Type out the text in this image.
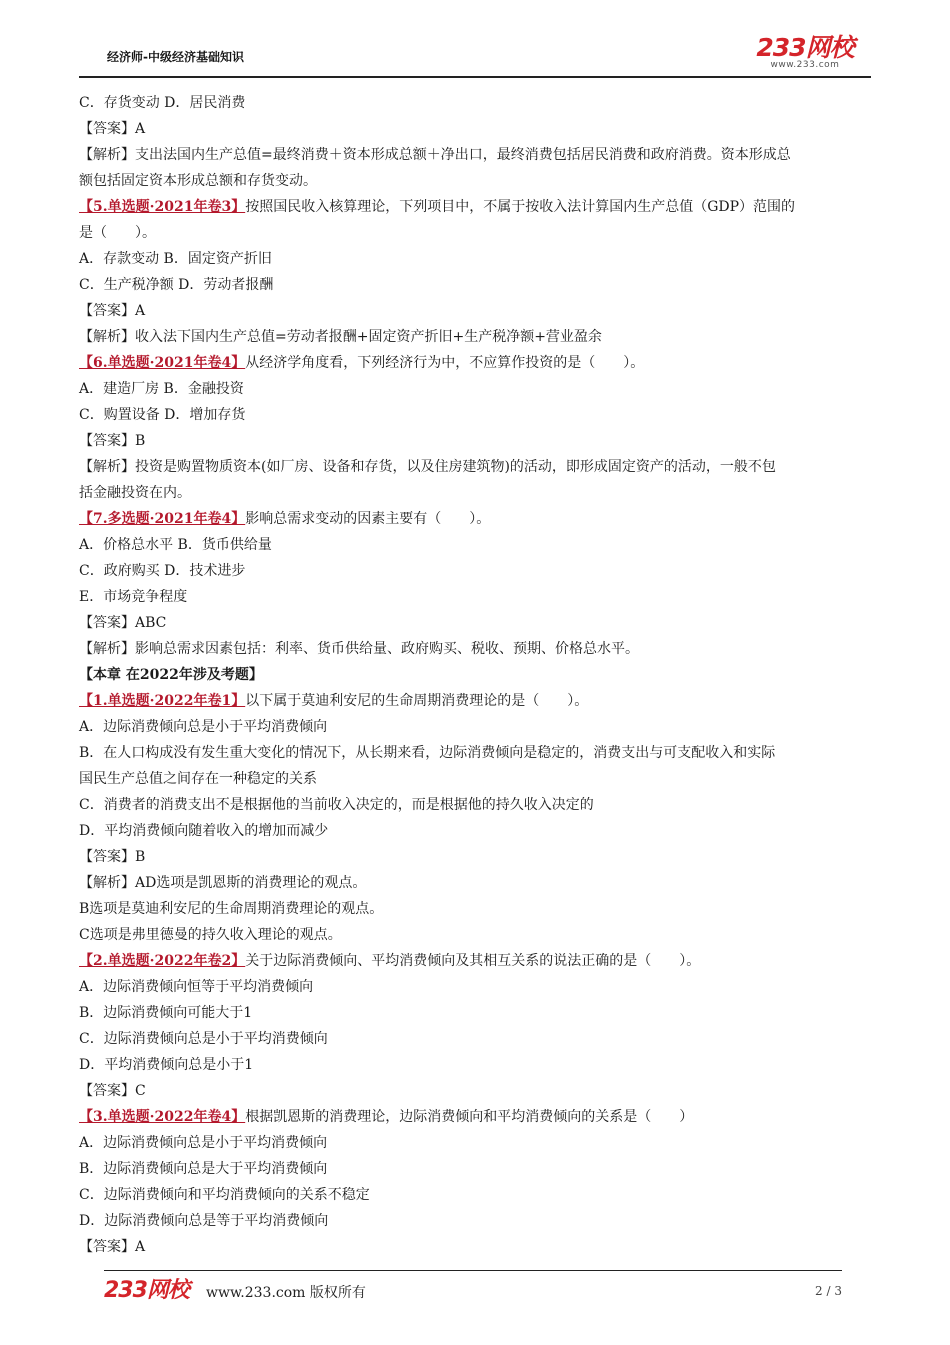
经济师-中级经济基础知识	233网校
www.233.com
C．存货变动 D．居民消费
【答案】A
【解析】支出法国内生产总值=最终消费＋资本形成总额＋净出口，最终消费包括居民消费和政府消费。资本形成总
额包括固定资本形成总额和存货变动。
【5.单选题·2021年卷3】按照国民收入核算理论，下列项目中，不属于按收入法计算国内生产总值（GDP）范围的
是（　　）。
A．存款变动 B．固定资产折旧
C．生产税净额 D．劳动者报酬
【答案】A
【解析】收入法下国内生产总值=劳动者报酬+固定资产折旧+生产税净额+营业盈余
【6.单选题·2021年卷4】从经济学角度看，下列经济行为中，不应算作投资的是（　　）。
A．建造厂房 B．金融投资
C．购置设备 D．增加存货
【答案】B
【解析】投资是购置物质资本(如厂房、设备和存货，以及住房建筑物)的活动，即形成固定资产的活动，一般不包
括金融投资在内。
【7.多选题·2021年卷4】影响总需求变动的因素主要有（　　）。
A．价格总水平 B．货币供给量
C．政府购买 D．技术进步
E．市场竞争程度
【答案】ABC
【解析】影响总需求因素包括：利率、货币供给量、政府购买、税收、预期、价格总水平。
【本章 在2022年涉及考题】
【1.单选题·2022年卷1】以下属于莫迪利安尼的生命周期消费理论的是（　　）。
A．边际消费倾向总是小于平均消费倾向
B．在人口构成没有发生重大变化的情况下，从长期来看，边际消费倾向是稳定的，消费支出与可支配收入和实际
国民生产总值之间存在一种稳定的关系
C．消费者的消费支出不是根据他的当前收入决定的，而是根据他的持久收入决定的
D．平均消费倾向随着收入的增加而减少
【答案】B
【解析】AD选项是凯恩斯的消费理论的观点。
B选项是莫迪利安尼的生命周期消费理论的观点。
C选项是弗里德曼的持久收入理论的观点。
【2.单选题·2022年卷2】关于边际消费倾向、平均消费倾向及其相互关系的说法正确的是（　　）。
A．边际消费倾向恒等于平均消费倾向
B．边际消费倾向可能大于1
C．边际消费倾向总是小于平均消费倾向
D．平均消费倾向总是小于1
【答案】C
【3.单选题·2022年卷4】根据凯恩斯的消费理论，边际消费倾向和平均消费倾向的关系是（　　）
A．边际消费倾向总是小于平均消费倾向
B．边际消费倾向总是大于平均消费倾向
C．边际消费倾向和平均消费倾向的关系不稳定
D．边际消费倾向总是等于平均消费倾向
【答案】A
233网校 www.233.com 版权所有	2 / 3
